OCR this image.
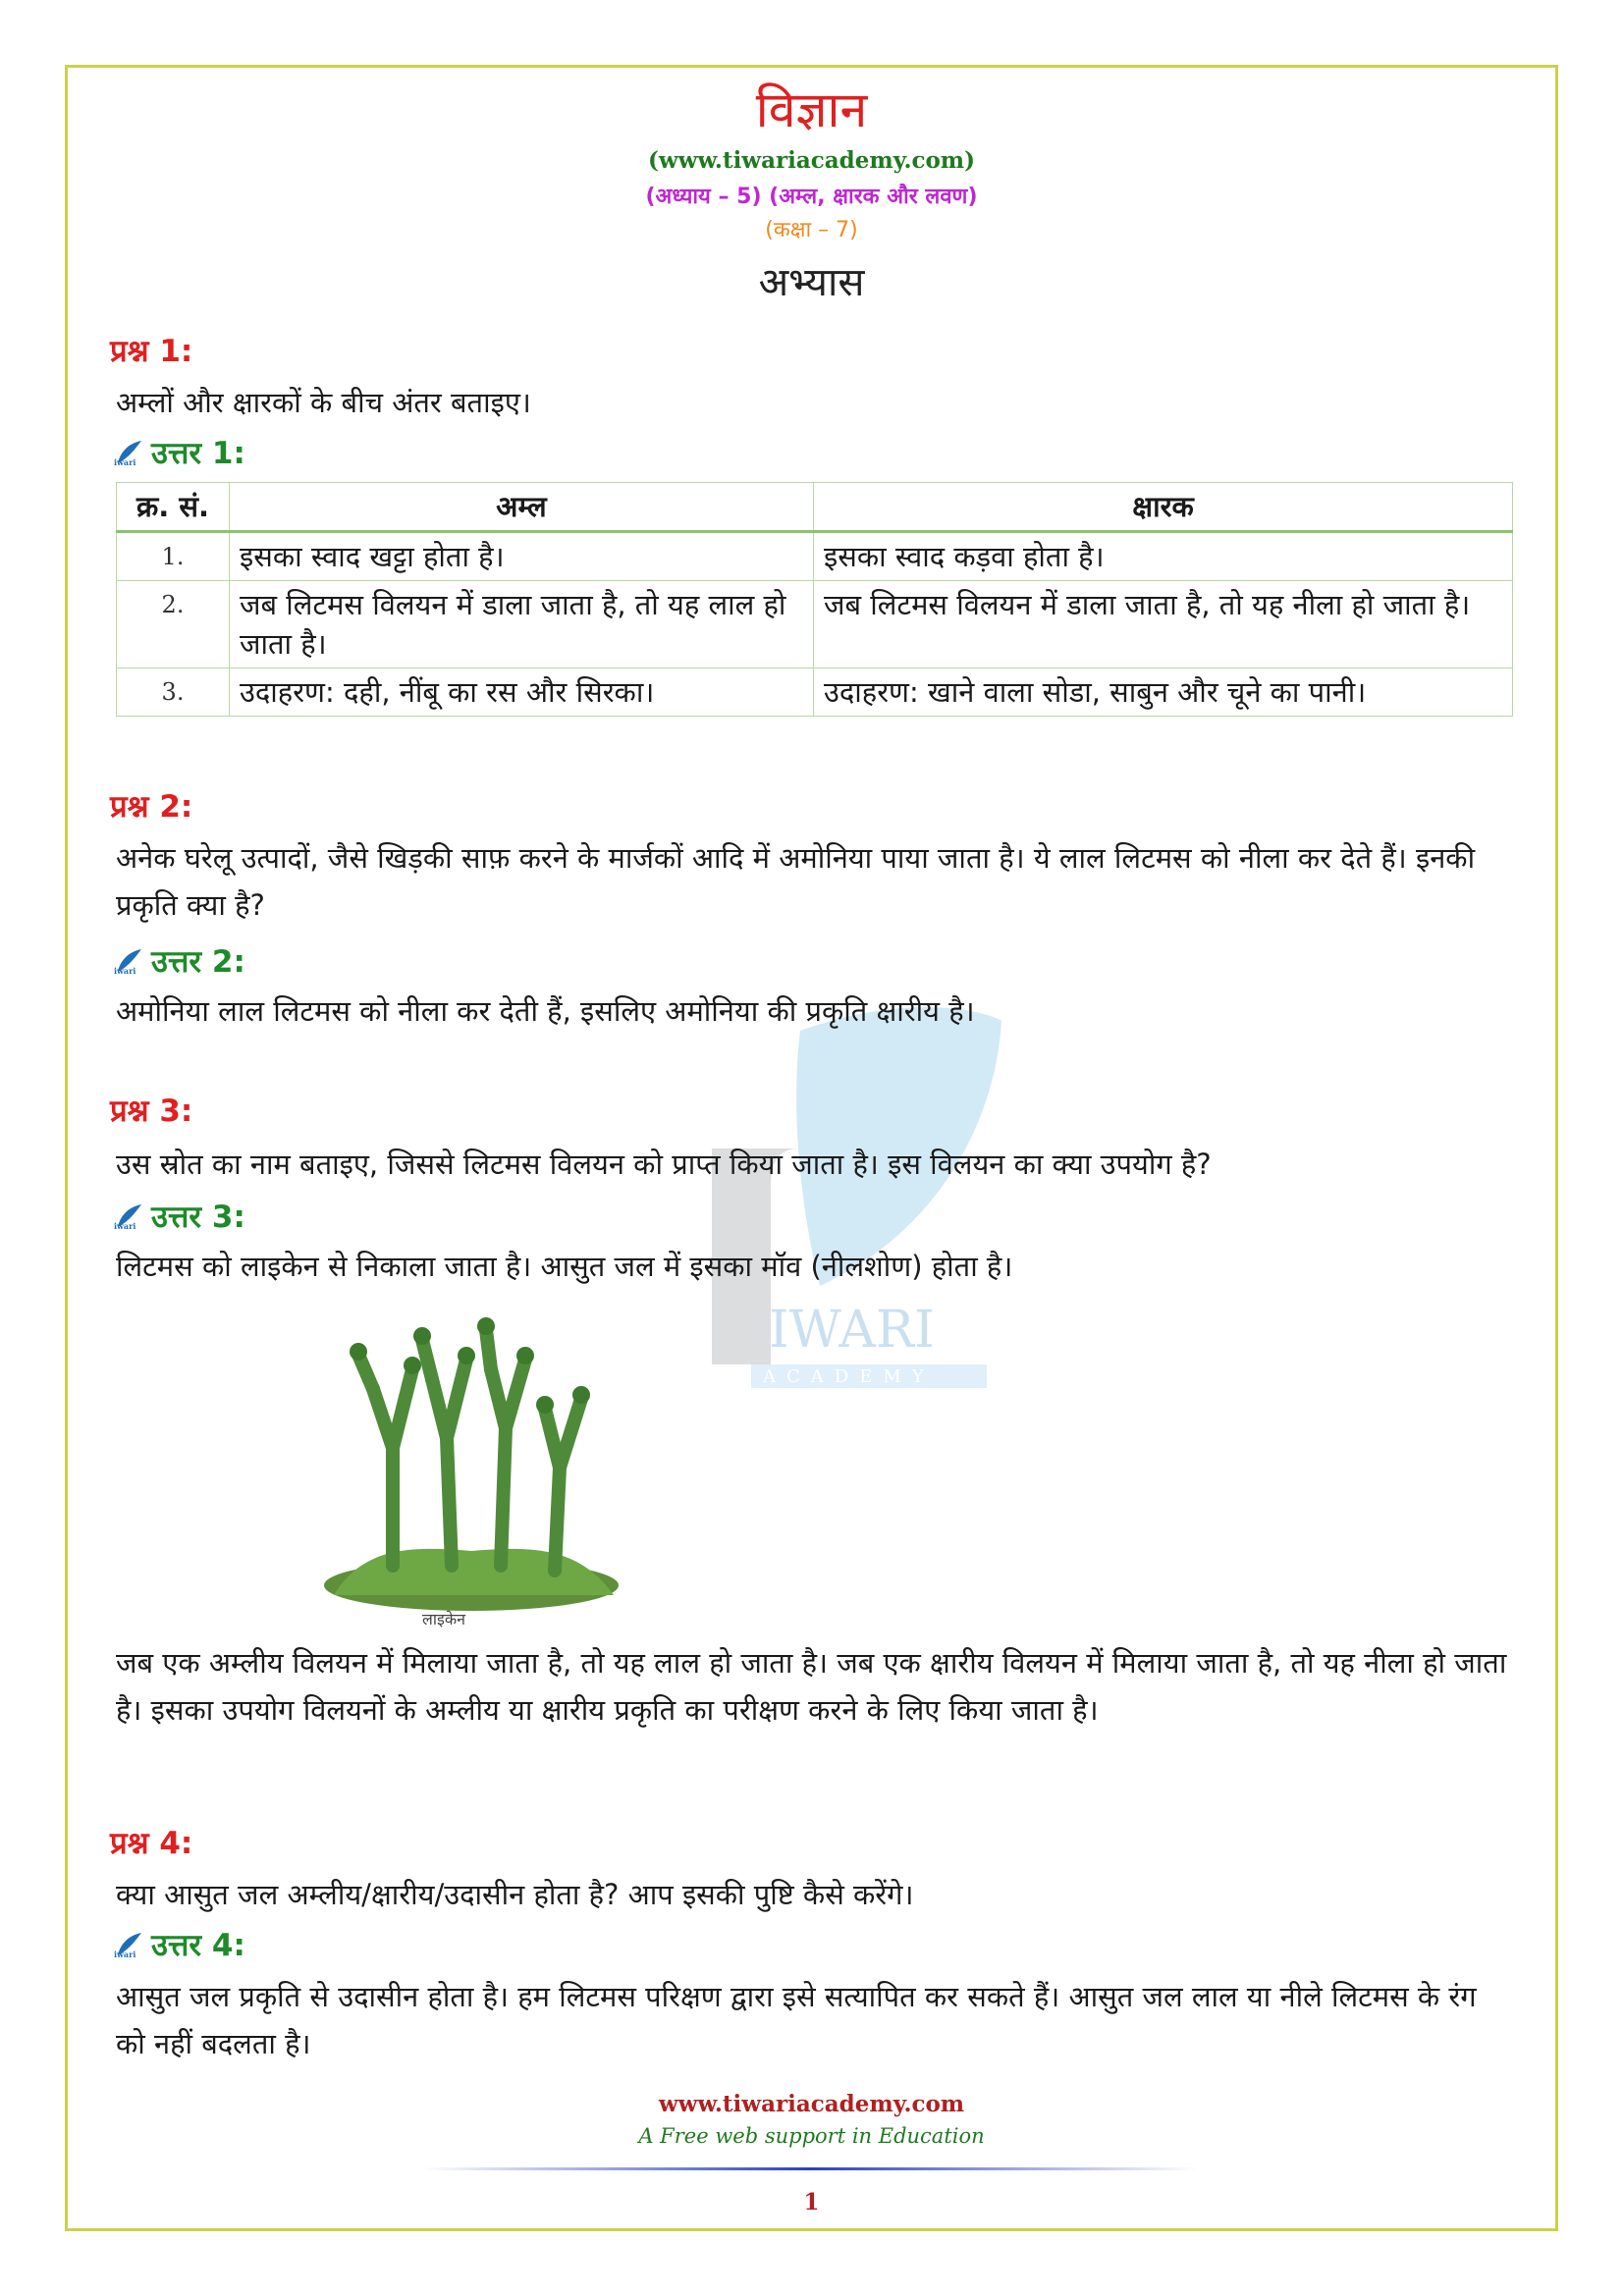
IWARI
ACADEMY
विज्ञान
(www.tiwariacademy.com)
(अध्याय – 5) (अम्ल, क्षारक और लवण)
(कक्षा – 7)
अभ्यास
प्रश्न 1:
अम्लों और क्षारकों के बीच अंतर बताइए।
iwari उत्तर 1:
क्र. सं.	अम्ल	क्षारक
1.	इसका स्वाद खट्टा होता है।	इसका स्वाद कड़वा होता है।
2.	जब लिटमस विलयन में डाला जाता है, तो यह लाल हो जाता है।	जब लिटमस विलयन में डाला जाता है, तो यह नीला हो जाता है।
3.	उदाहरण: दही, नींबू का रस और सिरका।	उदाहरण: खाने वाला सोडा, साबुन और चूने का पानी।
प्रश्न 2:
अनेक घरेलू उत्पादों, जैसे खिड़की साफ़ करने के मार्जकों आदि में अमोनिया पाया जाता है। ये लाल लिटमस को नीला कर देते हैं। इनकी प्रकृति क्या है?
iwari उत्तर 2:
अमोनिया लाल लिटमस को नीला कर देती हैं, इसलिए अमोनिया की प्रकृति क्षारीय है।
प्रश्न 3:
उस स्रोत का नाम बताइए, जिससे लिटमस विलयन को प्राप्त किया जाता है। इस विलयन का क्या उपयोग है?
iwari उत्तर 3:
लिटमस को लाइकेन से निकाला जाता है। आसुत जल में इसका मॉव (नीलशोण) होता है।
लाइकेन
जब एक अम्लीय विलयन में मिलाया जाता है, तो यह लाल हो जाता है। जब एक क्षारीय विलयन में मिलाया जाता है, तो यह नीला हो जाता है। इसका उपयोग विलयनों के अम्लीय या क्षारीय प्रकृति का परीक्षण करने के लिए किया जाता है।
प्रश्न 4:
क्या आसुत जल अम्लीय/क्षारीय/उदासीन होता है? आप इसकी पुष्टि कैसे करेंगे।
iwari उत्तर 4:
आसुत जल प्रकृति से उदासीन होता है। हम लिटमस परिक्षण द्वारा इसे सत्यापित कर सकते हैं। आसुत जल लाल या नीले लिटमस के रंग को नहीं बदलता है।
www.tiwariacademy.com
A Free web support in Education
1
